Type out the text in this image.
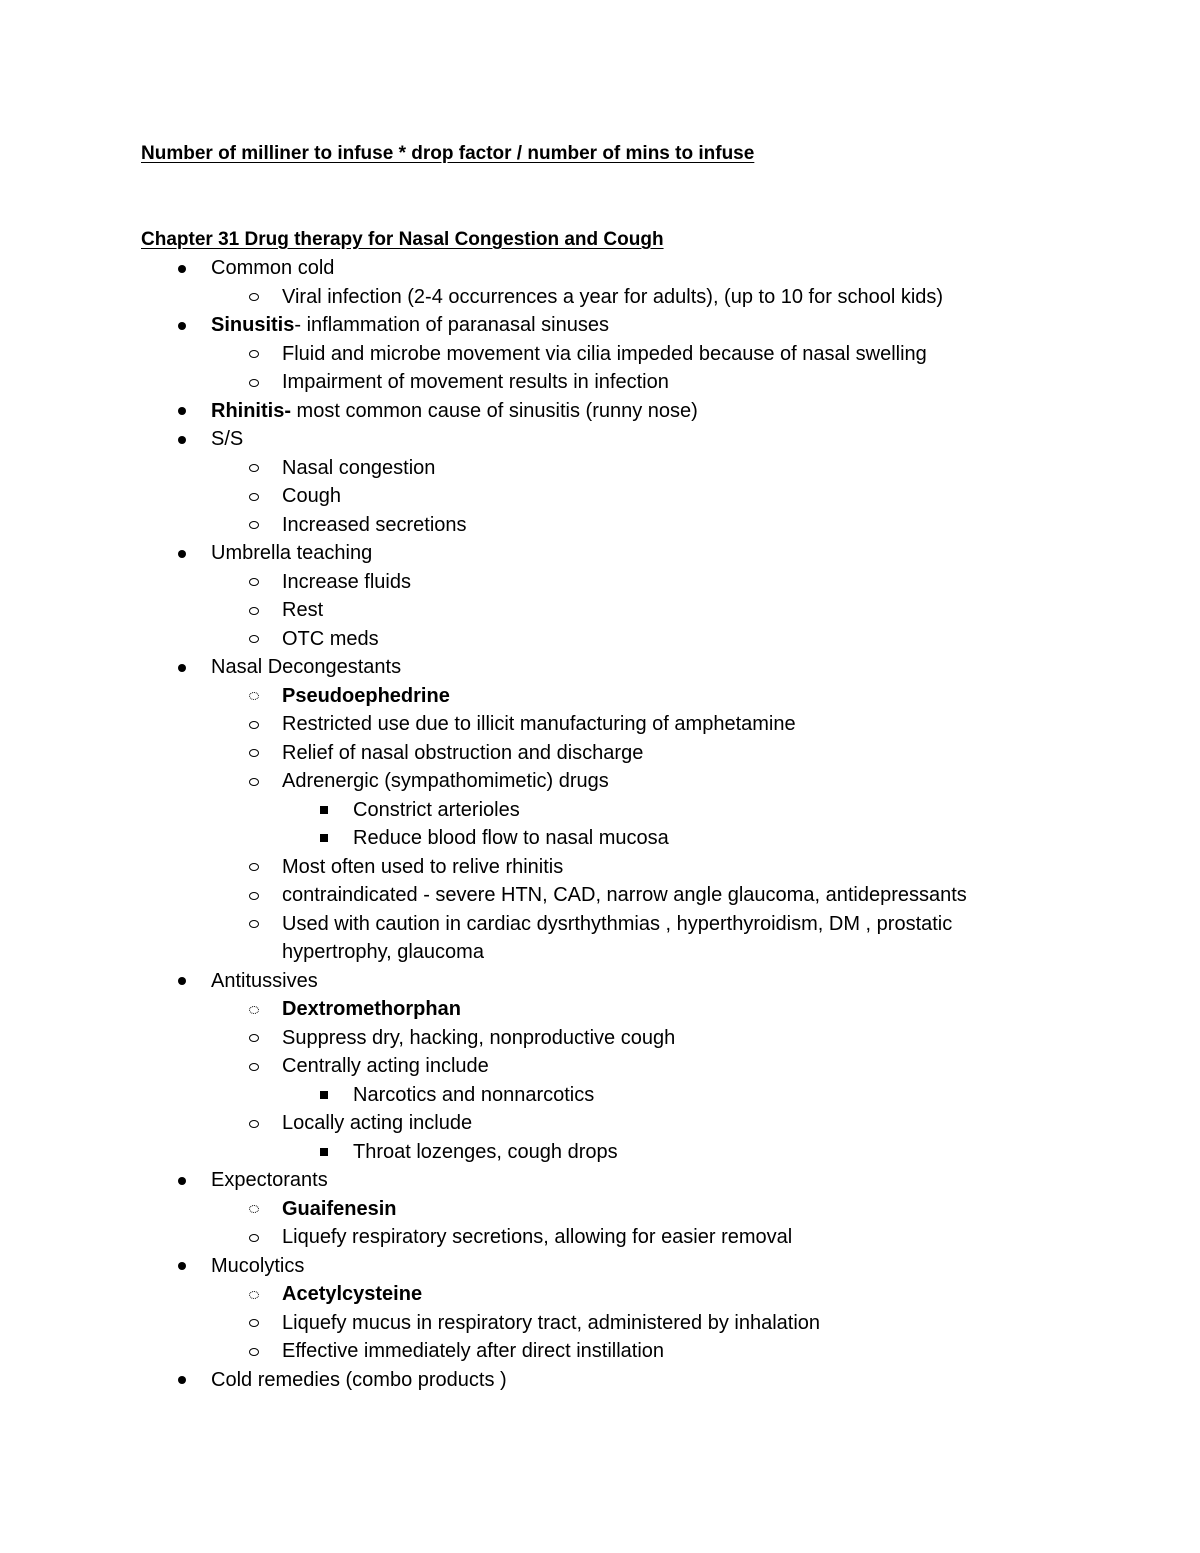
Number of milliner to infuse * drop factor / number of mins to infuse
Chapter 31 Drug therapy for Nasal Congestion and Cough
Common cold
Viral infection (2-4 occurrences a year for adults), (up to 10 for school kids)
Sinusitis- inflammation of paranasal sinuses
Fluid and microbe movement via cilia impeded because of nasal swelling
Impairment of movement results in infection
Rhinitis- most common cause of sinusitis (runny nose)
S/S
Nasal congestion
Cough
Increased secretions
Umbrella teaching
Increase fluids
Rest
OTC meds
Nasal Decongestants
Pseudoephedrine
Restricted use due to illicit manufacturing of amphetamine
Relief of nasal obstruction and discharge
Adrenergic (sympathomimetic) drugs
Constrict arterioles
Reduce blood flow to nasal mucosa
Most often used to relive rhinitis
contraindicated - severe HTN, CAD, narrow angle glaucoma, antidepressants
Used with caution in cardiac dysrthythmias , hyperthyroidism, DM , prostatic hypertrophy, glaucoma
Antitussives
Dextromethorphan
Suppress dry, hacking, nonproductive cough
Centrally acting include
Narcotics and nonnarcotics
Locally acting include
Throat lozenges, cough drops
Expectorants
Guaifenesin
Liquefy respiratory secretions, allowing for easier removal
Mucolytics
Acetylcysteine
Liquefy mucus in respiratory tract, administered by inhalation
Effective immediately after direct instillation
Cold remedies (combo products )
